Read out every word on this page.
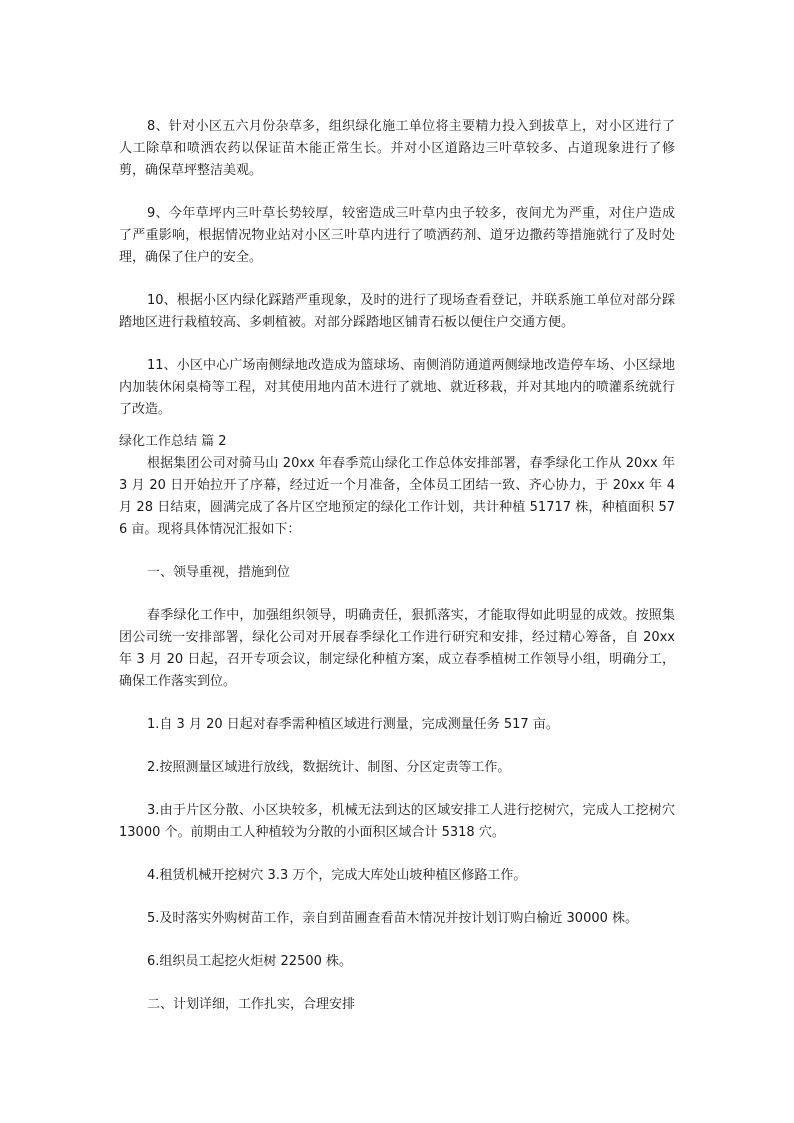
8、针对小区五六月份杂草多，组织绿化施工单位将主要精力投入到拔草上，对小区进行了人工除草和喷洒农药以保证苗木能正常生长。并对小区道路边三叶草较多、占道现象进行了修剪，确保草坪整洁美观。

9、今年草坪内三叶草长势较厚，较密造成三叶草内虫子较多，夜间尤为严重，对住户造成了严重影响，根据情况物业站对小区三叶草内进行了喷洒药剂、道牙边撒药等措施就行了及时处理，确保了住户的安全。

10、根据小区内绿化踩踏严重现象，及时的进行了现场查看登记，并联系施工单位对部分踩踏地区进行栽植较高、多刺植被。对部分踩踏地区铺青石板以便住户交通方便。

11、小区中心广场南侧绿地改造成为篮球场、南侧消防通道两侧绿地改造停车场、小区绿地内加装休闲桌椅等工程，对其使用地内苗木进行了就地、就近移栽，并对其地内的喷灌系统就行了改造。

绿化工作总结 篇 2

根据集团公司对骑马山 20xx 年春季荒山绿化工作总体安排部署，春季绿化工作从 20xx 年 3 月 20 日开始拉开了序幕，经过近一个月准备，全体员工团结一致、齐心协力，于 20xx 年 4 月 28 日结束，圆满完成了各片区空地预定的绿化工作计划，共计种植 51717 株，种植面积 576 亩。现将具体情况汇报如下：

一、领导重视，措施到位

春季绿化工作中，加强组织领导，明确责任，狠抓落实，才能取得如此明显的成效。按照集团公司统一安排部署，绿化公司对开展春季绿化工作进行研究和安排，经过精心筹备，自 20xx 年 3 月 20 日起，召开专项会议，制定绿化种植方案，成立春季植树工作领导小组，明确分工，确保工作落实到位。

1.自 3 月 20 日起对春季需种植区域进行测量，完成测量任务 517 亩。

2.按照测量区域进行放线，数据统计、制图、分区定责等工作。

3.由于片区分散、小区块较多，机械无法到达的区域安排工人进行挖树穴，完成人工挖树穴 13000 个。前期由工人种植较为分散的小面积区域合计 5318 穴。

4.租赁机械开挖树穴 3.3 万个，完成大库处山坡种植区修路工作。

5.及时落实外购树苗工作，亲自到苗圃查看苗木情况并按计划订购白榆近 30000 株。

6.组织员工起挖火炬树 22500 株。

二、计划详细，工作扎实，合理安排
